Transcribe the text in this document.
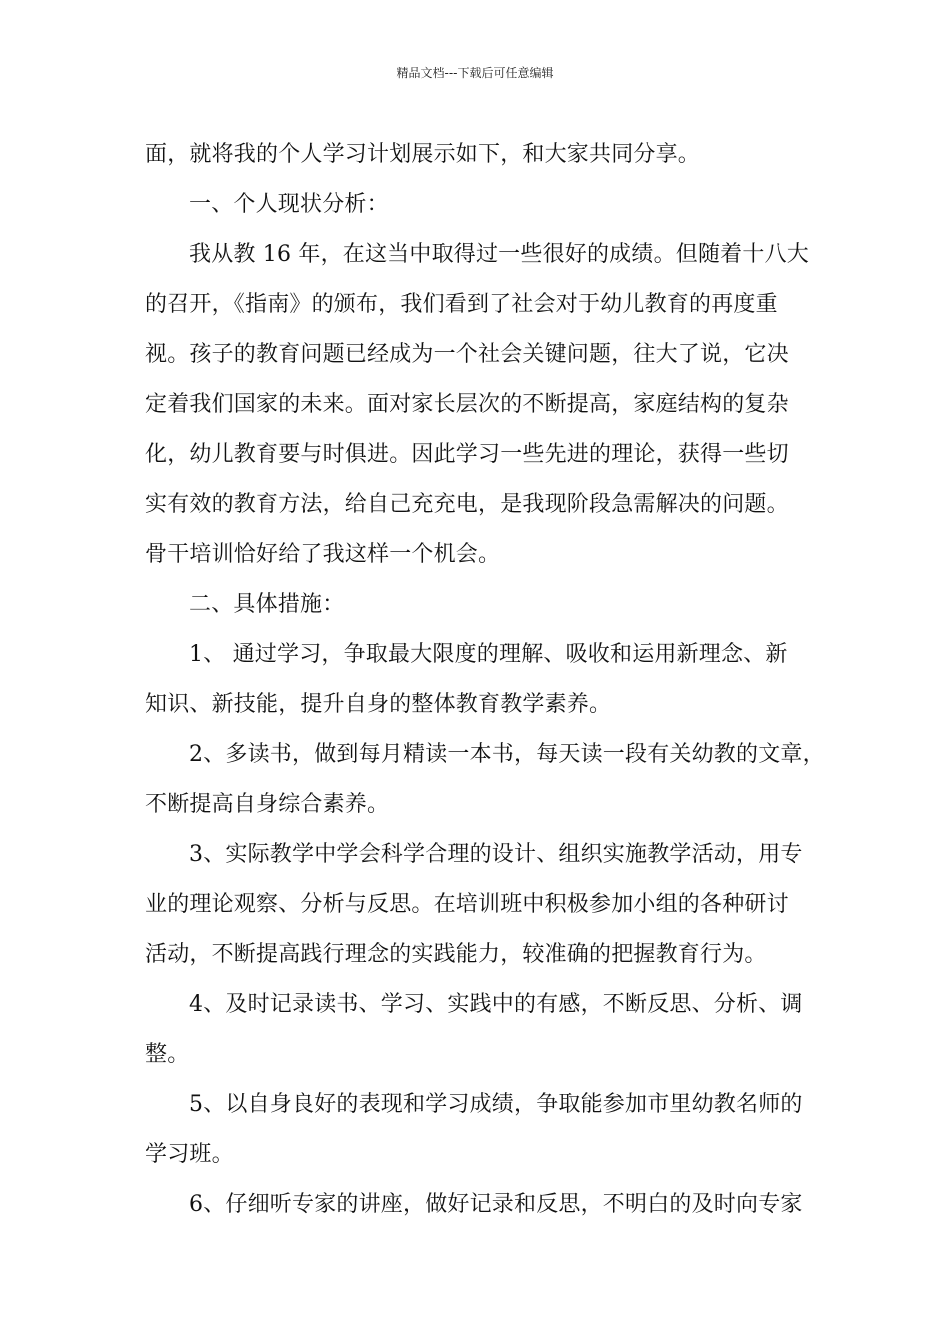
精品文档---下载后可任意编辑
面，就将我的个人学习计划展示如下，和大家共同分享。
一、个人现状分析：
我从教 16 年，在这当中取得过一些很好的成绩。但随着十八大
的召开，《指南》的颁布，我们看到了社会对于幼儿教育的再度重
视。孩子的教育问题已经成为一个社会关键问题，往大了说，它决
定着我们国家的未来。面对家长层次的不断提高，家庭结构的复杂
化，幼儿教育要与时俱进。因此学习一些先进的理论，获得一些切
实有效的教育方法，给自己充充电，是我现阶段急需解决的问题。
骨干培训恰好给了我这样一个机会。
二、具体措施：
1、 通过学习，争取最大限度的理解、吸收和运用新理念、新
知识、新技能，提升自身的整体教育教学素养。
2、多读书，做到每月精读一本书，每天读一段有关幼教的文章，
不断提高自身综合素养。
3、实际教学中学会科学合理的设计、组织实施教学活动，用专
业的理论观察、分析与反思。在培训班中积极参加小组的各种研讨
活动，不断提高践行理念的实践能力，较准确的把握教育行为。
4、及时记录读书、学习、实践中的有感，不断反思、分析、调
整。
5、以自身良好的表现和学习成绩，争取能参加市里幼教名师的
学习班。
6、仔细听专家的讲座，做好记录和反思，不明白的及时向专家
